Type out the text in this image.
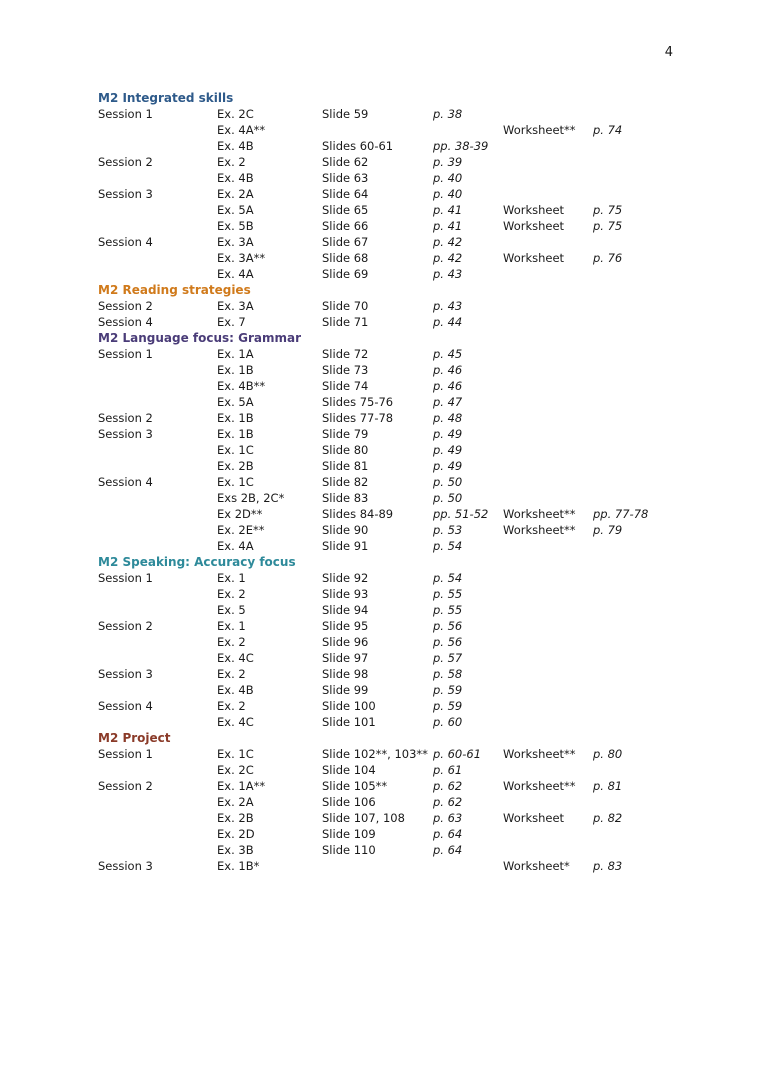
4
M2 Integrated skills
Session 1	Ex. 2C	Slide 59	p. 38		
	Ex. 4A**			Worksheet**	p. 74
	Ex. 4B	Slides 60-61	pp. 38-39		
Session 2	Ex. 2	Slide 62	p. 39		
	Ex. 4B	Slide 63	p. 40		
Session 3	Ex. 2A	Slide 64	p. 40		
	Ex. 5A	Slide 65	p. 41	Worksheet	p. 75
	Ex. 5B	Slide 66	p. 41	Worksheet	p. 75
Session 4	Ex. 3A	Slide 67	p. 42		
	Ex. 3A**	Slide 68	p. 42	Worksheet	p. 76
	Ex. 4A	Slide 69	p. 43		
M2 Reading strategies
Session 2	Ex. 3A	Slide 70	p. 43		
Session 4	Ex. 7	Slide 71	p. 44		
M2 Language focus: Grammar
Session 1	Ex. 1A	Slide 72	p. 45		
	Ex. 1B	Slide 73	p. 46		
	Ex. 4B**	Slide 74	p. 46		
	Ex. 5A	Slides 75-76	p. 47		
Session 2	Ex. 1B	Slides 77-78	p. 48		
Session 3	Ex. 1B	Slide 79	p. 49		
	Ex. 1C	Slide 80	p. 49		
	Ex. 2B	Slide 81	p. 49		
Session 4	Ex. 1C	Slide 82	p. 50		
	Exs 2B, 2C*	Slide 83	p. 50		
	Ex 2D**	Slides 84-89	pp. 51-52	Worksheet**	pp. 77-78
	Ex. 2E**	Slide 90	p. 53	Worksheet**	p. 79
	Ex. 4A	Slide 91	p. 54		
M2 Speaking: Accuracy focus
Session 1	Ex. 1	Slide 92	p. 54		
	Ex. 2	Slide 93	p. 55		
	Ex. 5	Slide 94	p. 55		
Session 2	Ex. 1	Slide 95	p. 56		
	Ex. 2	Slide 96	p. 56		
	Ex. 4C	Slide 97	p. 57		
Session 3	Ex. 2	Slide 98	p. 58		
	Ex. 4B	Slide 99	p. 59		
Session 4	Ex. 2	Slide 100	p. 59		
	Ex. 4C	Slide 101	p. 60		
M2 Project
Session 1	Ex. 1C	Slide 102**, 103**	p. 60-61	Worksheet**	p. 80
	Ex. 2C	Slide 104	p. 61		
Session 2	Ex. 1A**	Slide 105**	p. 62	Worksheet**	p. 81
	Ex. 2A	Slide 106	p. 62		
	Ex. 2B	Slide 107, 108	p. 63	Worksheet	p. 82
	Ex. 2D	Slide 109	p. 64		
	Ex. 3B	Slide 110	p. 64		
Session 3	Ex. 1B*			Worksheet*	p. 83
